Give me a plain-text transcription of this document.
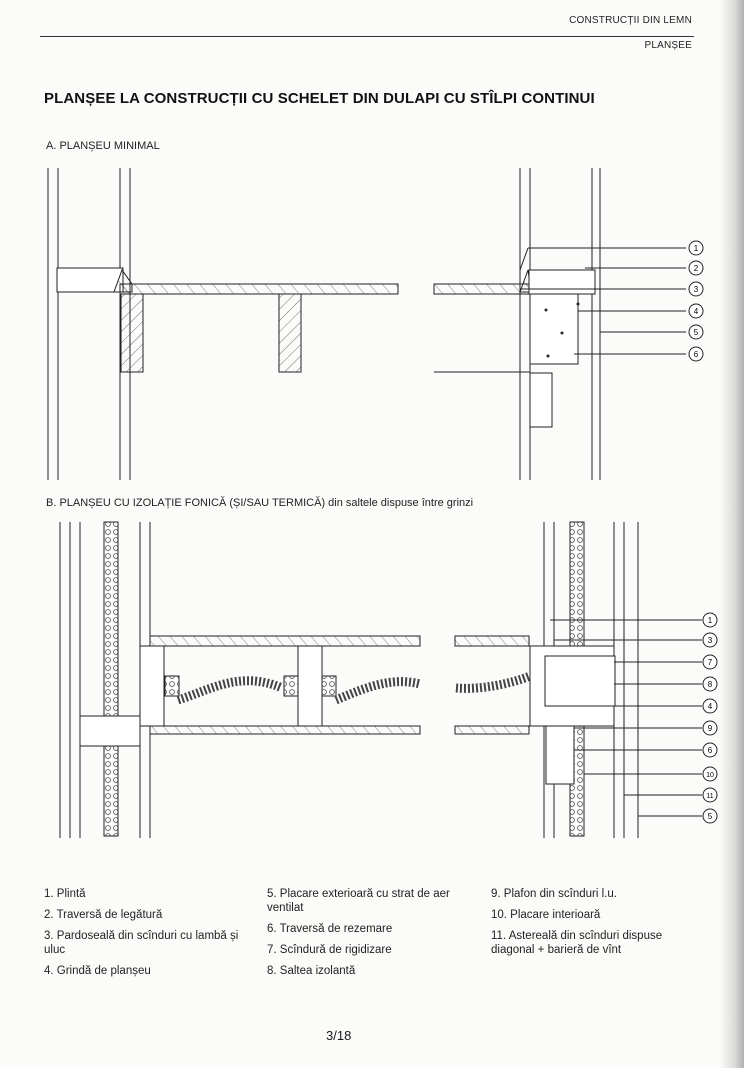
CONSTRUCȚII DIN LEMN
PLANȘEE
PLANȘEE LA CONSTRUCȚII CU SCHELET DIN DULAPI CU STÎLPI CONTINUI
A. PLANȘEU MINIMAL
1
2
3
4
5
6
B. PLANȘEU CU IZOLAȚIE FONICĂ (ȘI/SAU TERMICĂ) din saltele dispuse între grinzi
1
3
7
8
4
9
6
10
11
5
1. Plintă
2. Traversă de legătură
3. Pardoseală din scînduri cu lambă și uluc
4. Grindă de planșeu
5. Placare exterioară cu strat de aer ventilat
6. Traversă de rezemare
7. Scîndură de rigidizare
8. Saltea izolantă
9. Plafon din scînduri l.u.
10. Placare interioară
11. Astereală din scînduri dispuse diagonal + barieră de vînt
3/18
